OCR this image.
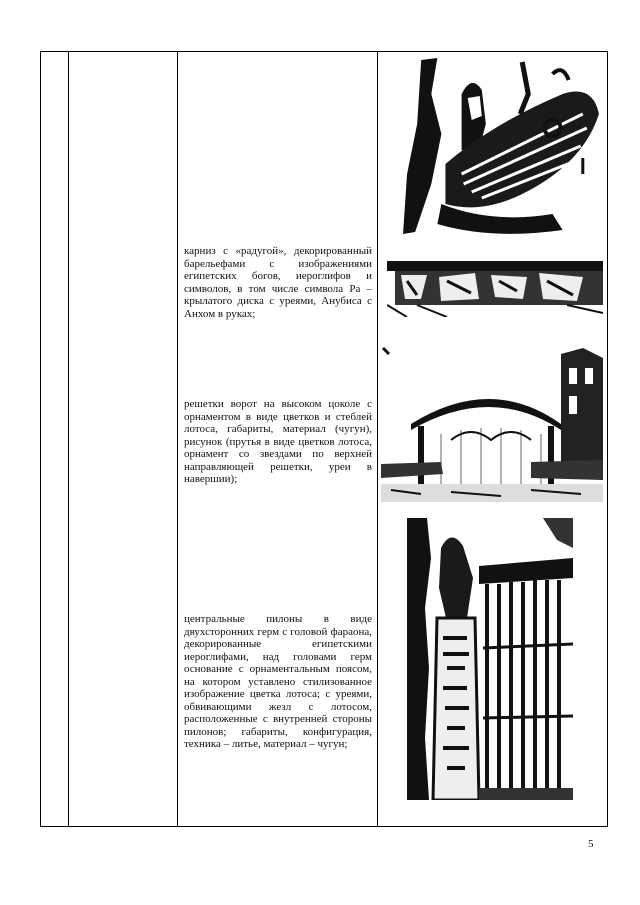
карниз с «радугой», декорированный барельефами с изображениями египетских богов, иероглифов и символов, в том числе символа Ра – крылатого диска с уреями, Анубиса с Анхом в руках;
решетки ворот на высоком цоколе с орнаментом в виде цветков и стеблей лотоса, габариты, материал (чугун), рисунок (прутья в виде цветков лотоса, орнамент со звездами по верхней направляющей решетки, уреи в навершии);
центральные пилоны в виде двухсторонних герм с головой фараона, декорированные египетскими иероглифами, над головами герм основание с орнаментальным поясом, на котором уставлено стилизованное изображение цветка лотоса; с уреями, обвивающими жезл с лотосом, расположенные с внутренней стороны пилонов; габариты, конфигурация, техника – литье, материал – чугун;
5
